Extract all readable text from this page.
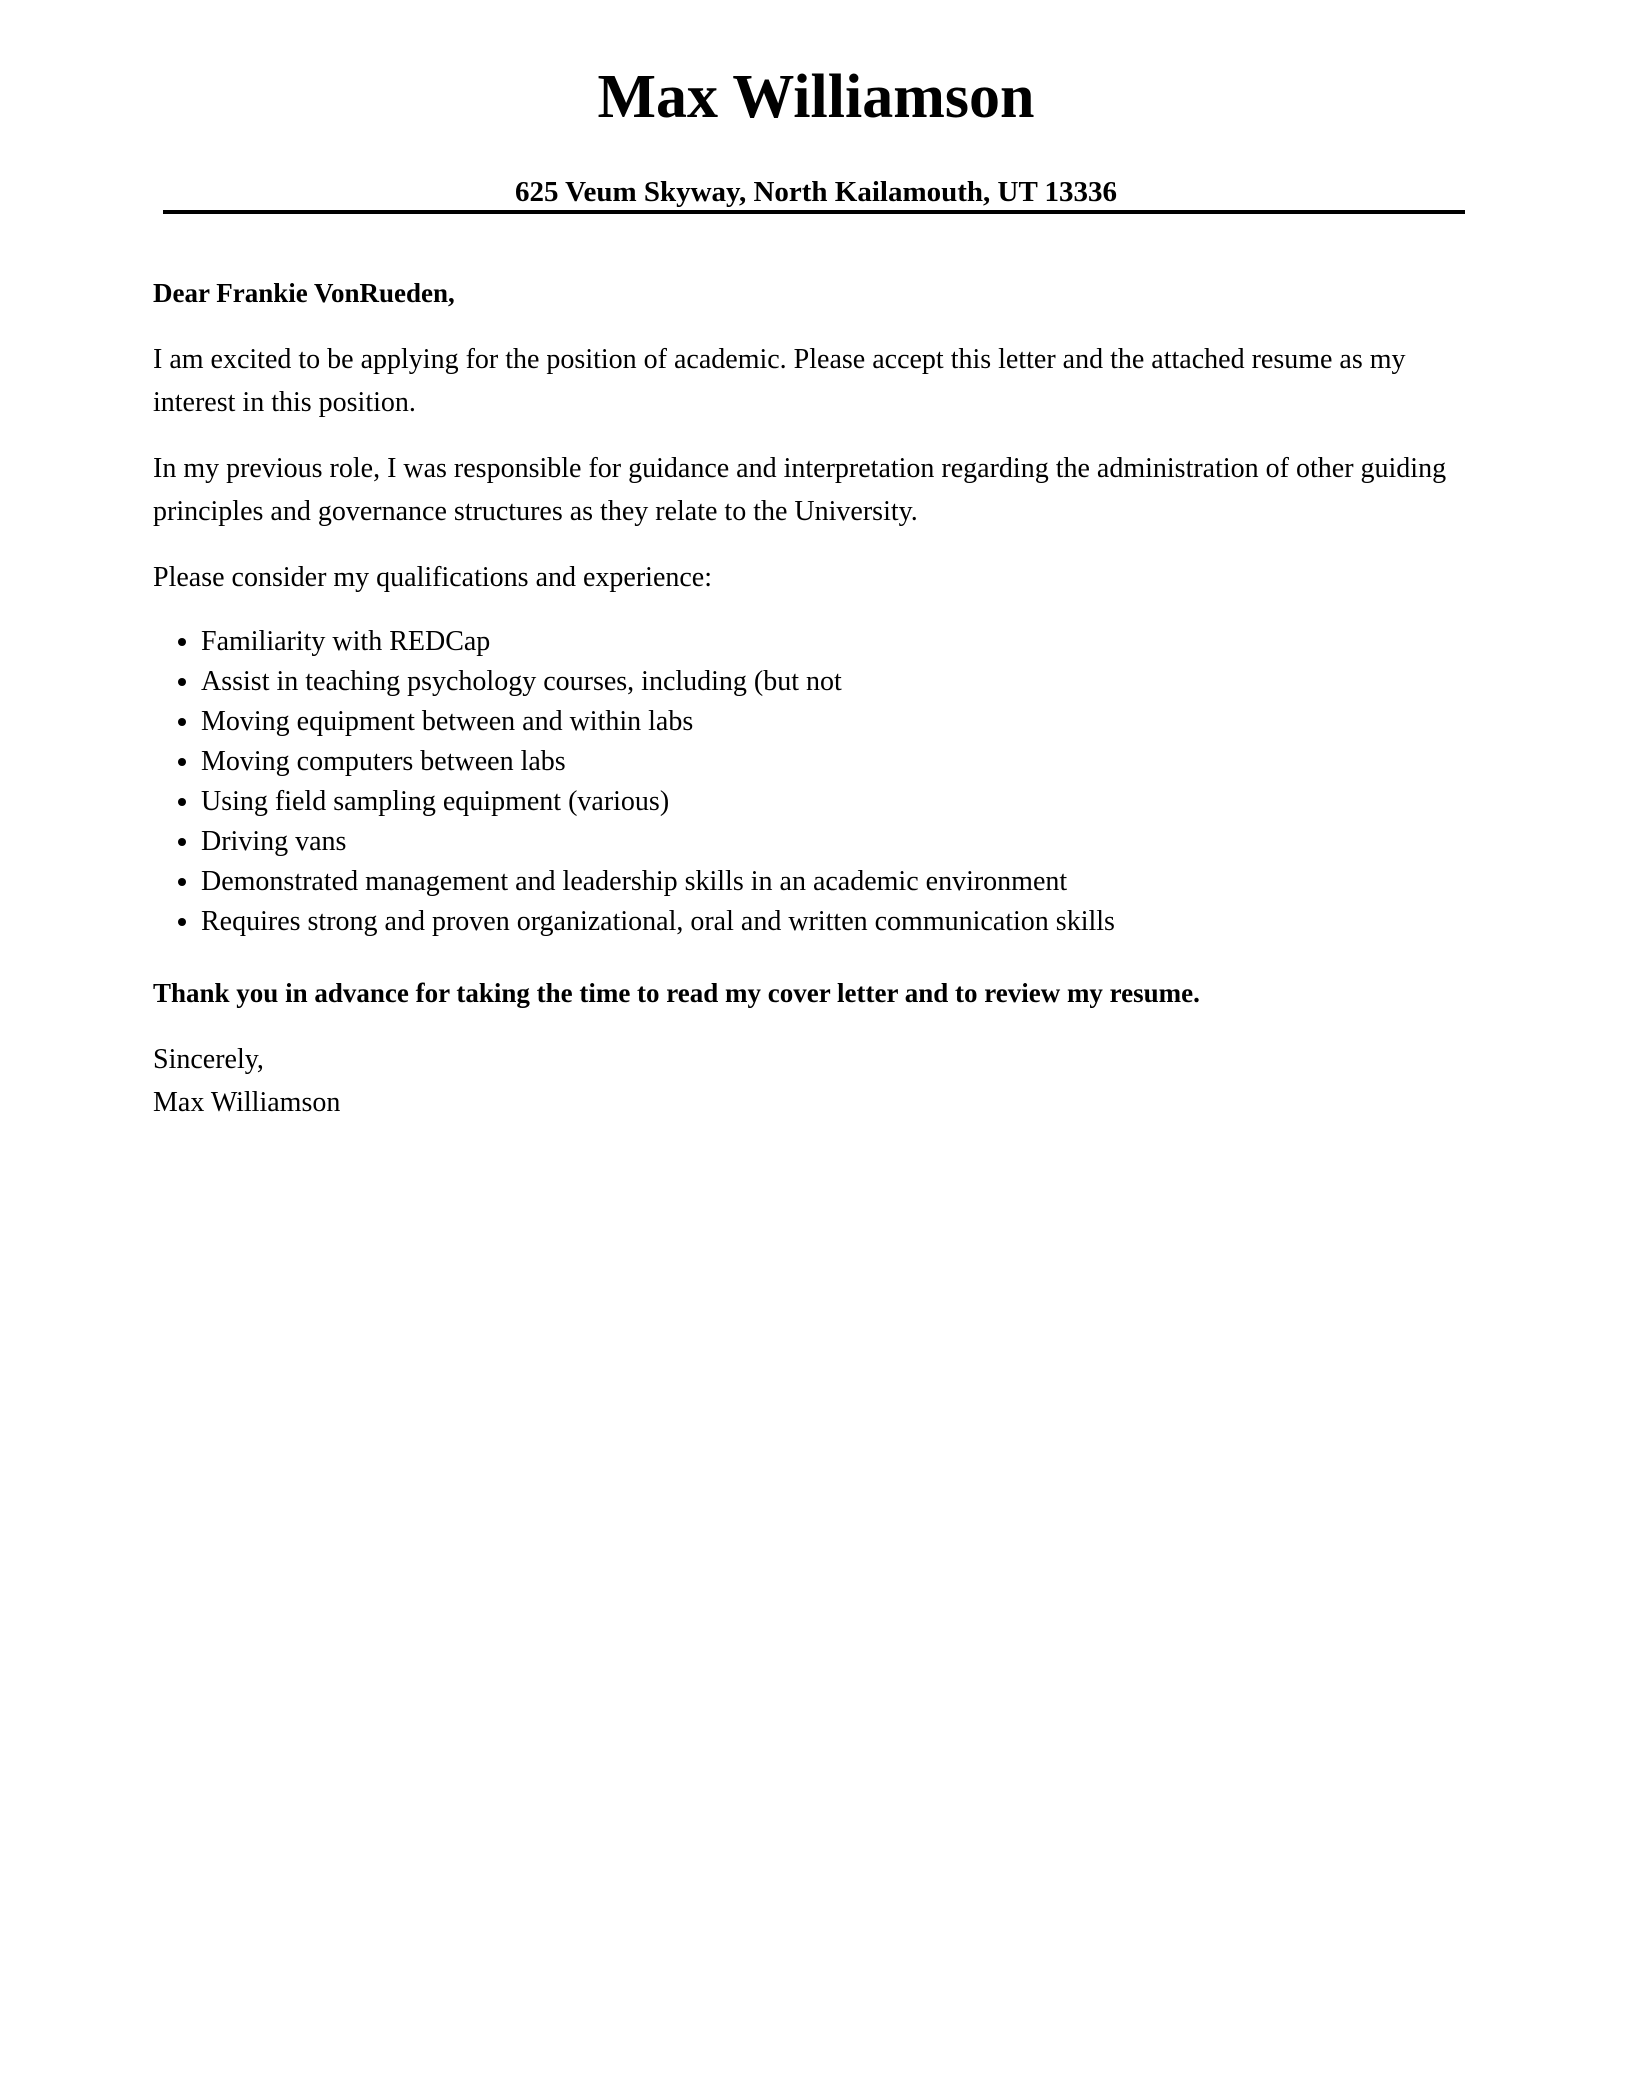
Max Williamson
625 Veum Skyway, North Kailamouth, UT 13336

Dear Frankie VonRueden,

I am excited to be applying for the position of academic. Please accept this letter and the attached resume as my interest in this position.

In my previous role, I was responsible for guidance and interpretation regarding the administration of other guiding principles and governance structures as they relate to the University.

Please consider my qualifications and experience:

• Familiarity with REDCap
• Assist in teaching psychology courses, including (but not
• Moving equipment between and within labs
• Moving computers between labs
• Using field sampling equipment (various)
• Driving vans
• Demonstrated management and leadership skills in an academic environment
• Requires strong and proven organizational, oral and written communication skills

Thank you in advance for taking the time to read my cover letter and to review my resume.

Sincerely,

Max Williamson
